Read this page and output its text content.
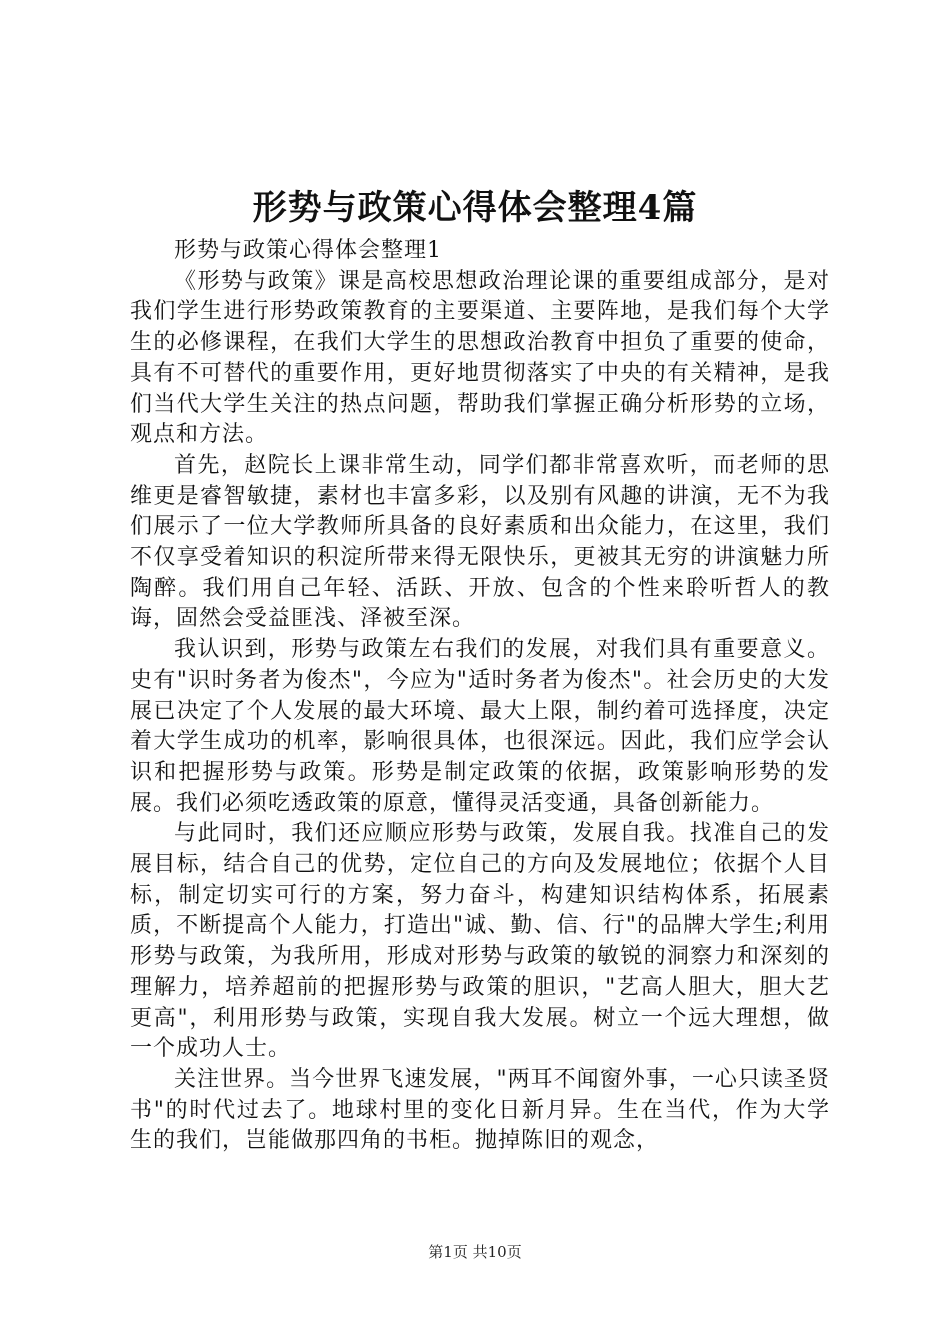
形势与政策心得体会整理4篇

形势与政策心得体会整理1

《形势与政策》课是高校思想政治理论课的重要组成部分，是对我们学生进行形势政策教育的主要渠道、主要阵地，是我们每个大学生的必修课程，在我们大学生的思想政治教育中担负了重要的使命，具有不可替代的重要作用，更好地贯彻落实了中央的有关精神，是我们当代大学生关注的热点问题，帮助我们掌握正确分析形势的立场，观点和方法。

首先，赵院长上课非常生动，同学们都非常喜欢听，而老师的思维更是睿智敏捷，素材也丰富多彩，以及别有风趣的讲演，无不为我们展示了一位大学教师所具备的良好素质和出众能力，在这里，我们不仅享受着知识的积淀所带来得无限快乐，更被其无穷的讲演魅力所陶醉。我们用自己年轻、活跃、开放、包含的个性来聆听哲人的教诲，固然会受益匪浅、泽被至深。

我认识到，形势与政策左右我们的发展，对我们具有重要意义。史有"识时务者为俊杰"，今应为"适时务者为俊杰"。社会历史的大发展已决定了个人发展的最大环境、最大上限，制约着可选择度，决定着大学生成功的机率，影响很具体，也很深远。因此，我们应学会认识和把握形势与政策。形势是制定政策的依据，政策影响形势的发展。我们必须吃透政策的原意，懂得灵活变通，具备创新能力。

与此同时，我们还应顺应形势与政策，发展自我。找准自己的发展目标，结合自己的优势，定位自己的方向及发展地位；依据个人目标，制定切实可行的方案，努力奋斗，构建知识结构体系，拓展素质，不断提高个人能力，打造出"诚、勤、信、行"的品牌大学生;利用形势与政策，为我所用，形成对形势与政策的敏锐的洞察力和深刻的理解力，培养超前的把握形势与政策的胆识，"艺高人胆大，胆大艺更高"，利用形势与政策，实现自我大发展。树立一个远大理想，做一个成功人士。

关注世界。当今世界飞速发展，"两耳不闻窗外事，一心只读圣贤书"的时代过去了。地球村里的变化日新月异。生在当代，作为大学生的我们，岂能做那四角的书柜。抛掉陈旧的观念，

第1页 共10页
